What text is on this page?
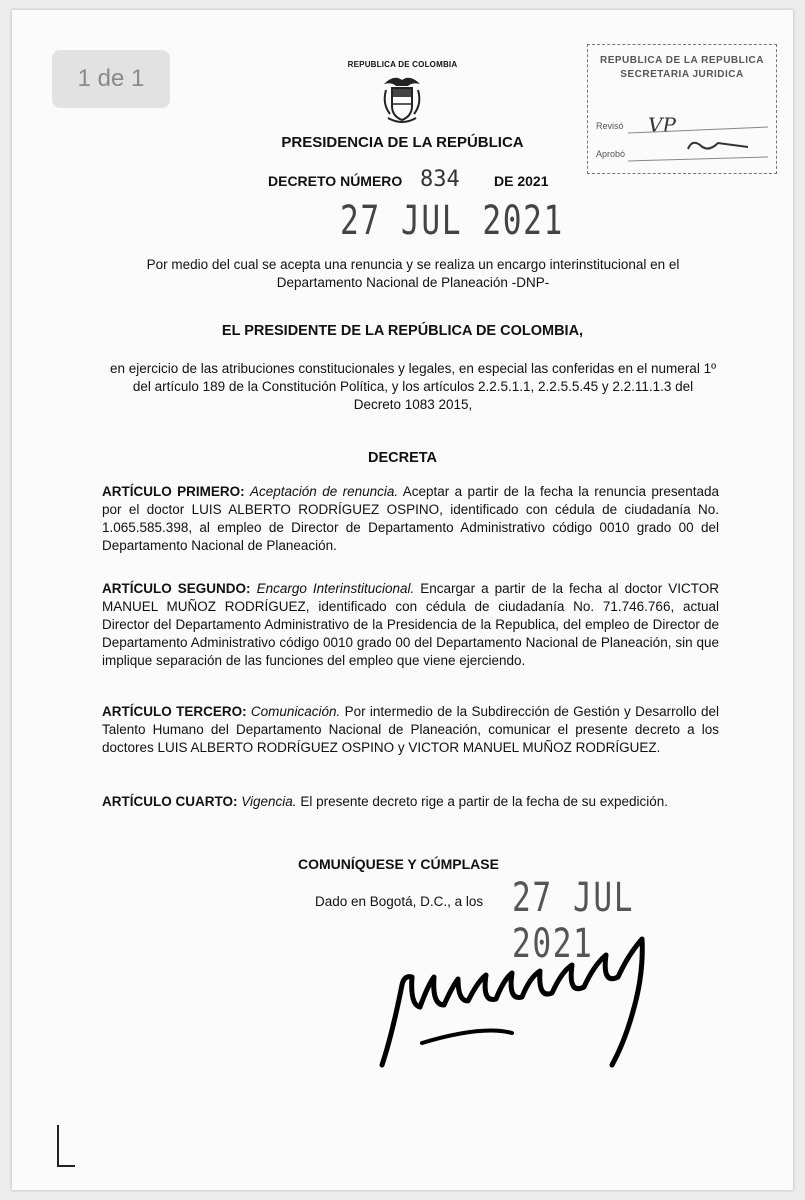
1 de 1
REPUBLICA DE COLOMBIA
PRESIDENCIA DE LA REPÚBLICA
DECRETO NÚMERO 834 DE 2021
27 JUL 2021
REPUBLICA DE LA REPUBLICA
SECRETARIA JURIDICA
Revisó
Aprobó
VP
Por medio del cual se acepta una renuncia y se realiza un encargo interinstitucional en el Departamento Nacional de Planeación -DNP-
EL PRESIDENTE DE LA REPÚBLICA DE COLOMBIA,
en ejercicio de las atribuciones constitucionales y legales, en especial las conferidas en el numeral 1º del artículo 189 de la Constitución Política, y los artículos 2.2.5.1.1, 2.2.5.5.45 y 2.2.11.1.3 del Decreto 1083 2015,
DECRETA
ARTÍCULO PRIMERO: Aceptación de renuncia. Aceptar a partir de la fecha la renuncia presentada por el doctor LUIS ALBERTO RODRÍGUEZ OSPINO, identificado con cédula de ciudadanía No. 1.065.585.398, al empleo de Director de Departamento Administrativo código 0010 grado 00 del Departamento Nacional de Planeación.
ARTÍCULO SEGUNDO: Encargo Interinstitucional. Encargar a partir de la fecha al doctor VICTOR MANUEL MUÑOZ RODRÍGUEZ, identificado con cédula de ciudadanía No. 71.746.766, actual Director del Departamento Administrativo de la Presidencia de la Republica, del empleo de Director de Departamento Administrativo código 0010 grado 00 del Departamento Nacional de Planeación, sin que implique separación de las funciones del empleo que viene ejerciendo.
ARTÍCULO TERCERO: Comunicación. Por intermedio de la Subdirección de Gestión y Desarrollo del Talento Humano del Departamento Nacional de Planeación, comunicar el presente decreto a los doctores LUIS ALBERTO RODRÍGUEZ OSPINO y VICTOR MANUEL MUÑOZ RODRÍGUEZ.
ARTÍCULO CUARTO: Vigencia. El presente decreto rige a partir de la fecha de su expedición.
COMUNÍQUESE Y CÚMPLASE
Dado en Bogotá, D.C., a los 27 JUL 2021
